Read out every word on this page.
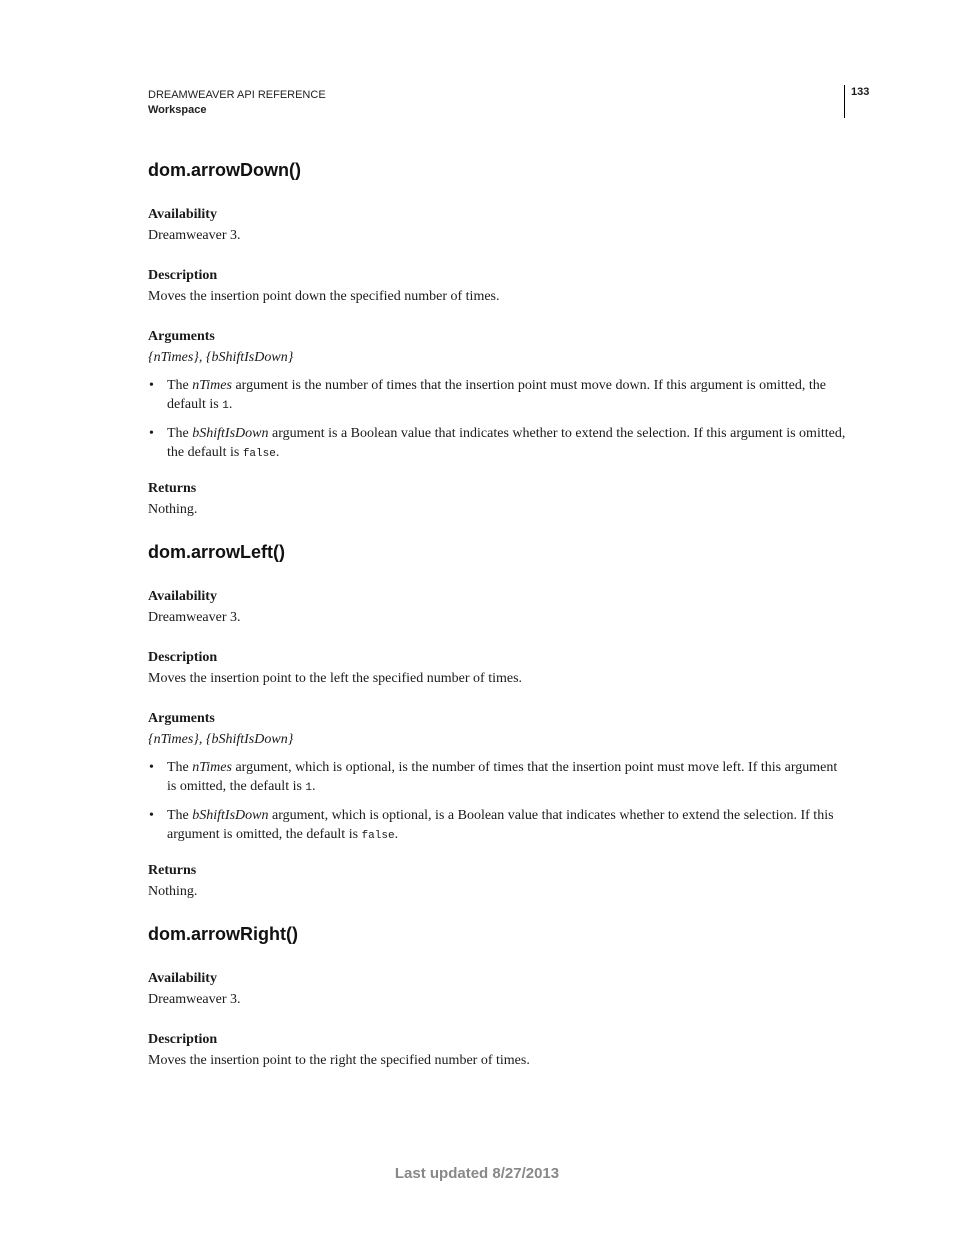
DREAMWEAVER API REFERENCE
Workspace
133
dom.arrowDown()
Availability
Dreamweaver 3.
Description
Moves the insertion point down the specified number of times.
Arguments
{nTimes}, {bShiftIsDown}
• The nTimes argument is the number of times that the insertion point must move down. If this argument is omitted, the default is 1.
• The bShiftIsDown argument is a Boolean value that indicates whether to extend the selection. If this argument is omitted, the default is false.
Returns
Nothing.
dom.arrowLeft()
Availability
Dreamweaver 3.
Description
Moves the insertion point to the left the specified number of times.
Arguments
{nTimes}, {bShiftIsDown}
• The nTimes argument, which is optional, is the number of times that the insertion point must move left. If this argument is omitted, the default is 1.
• The bShiftIsDown argument, which is optional, is a Boolean value that indicates whether to extend the selection. If this argument is omitted, the default is false.
Returns
Nothing.
dom.arrowRight()
Availability
Dreamweaver 3.
Description
Moves the insertion point to the right the specified number of times.
Last updated 8/27/2013
